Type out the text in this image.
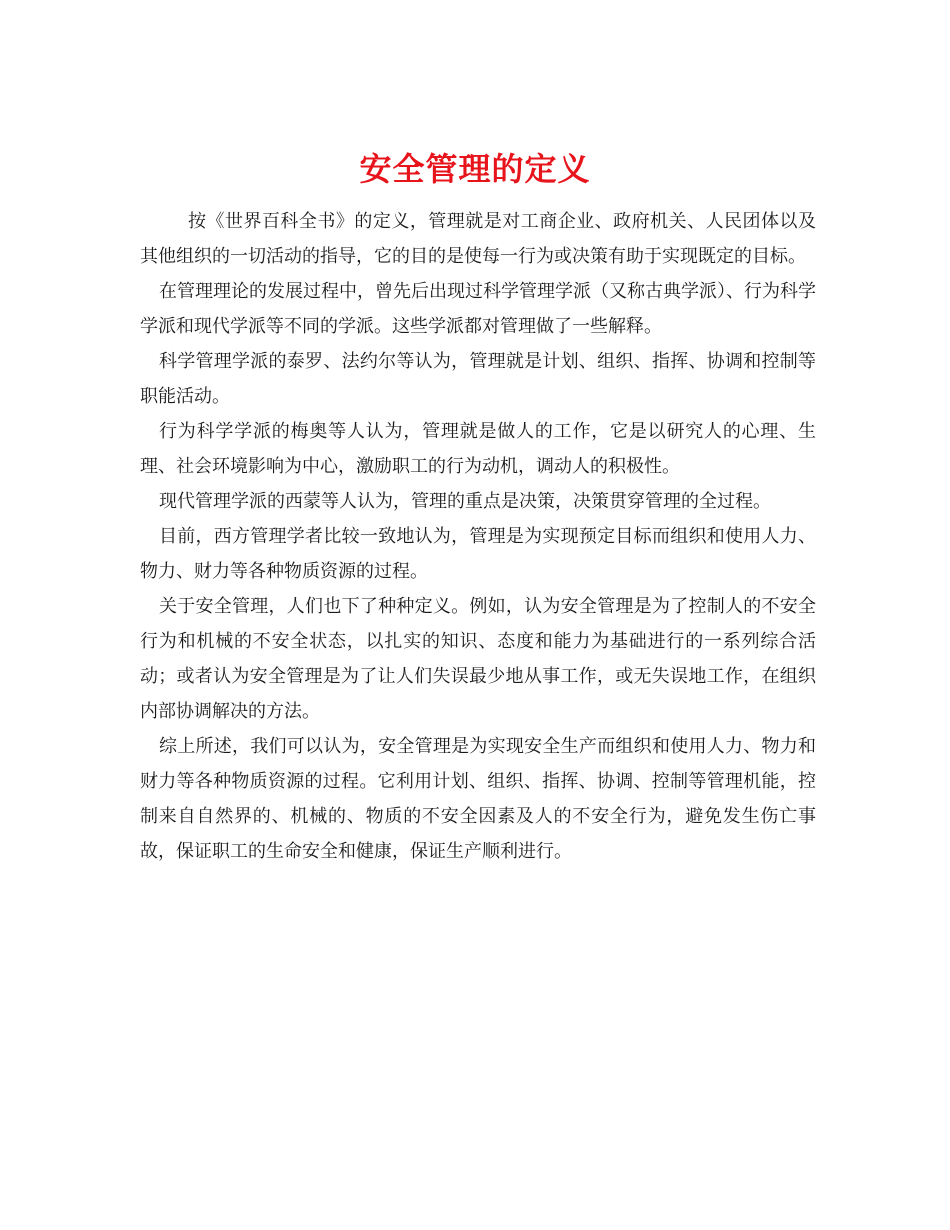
安全管理的定义

按《世界百科全书》的定义，管理就是对工商企业、政府机关、人民团体以及其他组织的一切活动的指导，它的目的是使每一行为或决策有助于实现既定的目标。

在管理理论的发展过程中，曾先后出现过科学管理学派（又称古典学派）、行为科学学派和现代学派等不同的学派。这些学派都对管理做了一些解释。

科学管理学派的泰罗、法约尔等认为，管理就是计划、组织、指挥、协调和控制等职能活动。

行为科学学派的梅奥等人认为，管理就是做人的工作，它是以研究人的心理、生理、社会环境影响为中心，激励职工的行为动机，调动人的积极性。

现代管理学派的西蒙等人认为，管理的重点是决策，决策贯穿管理的全过程。

目前，西方管理学者比较一致地认为，管理是为实现预定目标而组织和使用人力、物力、财力等各种物质资源的过程。

关于安全管理，人们也下了种种定义。例如，认为安全管理是为了控制人的不安全行为和机械的不安全状态，以扎实的知识、态度和能力为基础进行的一系列综合活动；或者认为安全管理是为了让人们失误最少地从事工作，或无失误地工作，在组织内部协调解决的方法。

综上所述，我们可以认为，安全管理是为实现安全生产而组织和使用人力、物力和财力等各种物质资源的过程。它利用计划、组织、指挥、协调、控制等管理机能，控制来自自然界的、机械的、物质的不安全因素及人的不安全行为，避免发生伤亡事故，保证职工的生命安全和健康，保证生产顺利进行。
